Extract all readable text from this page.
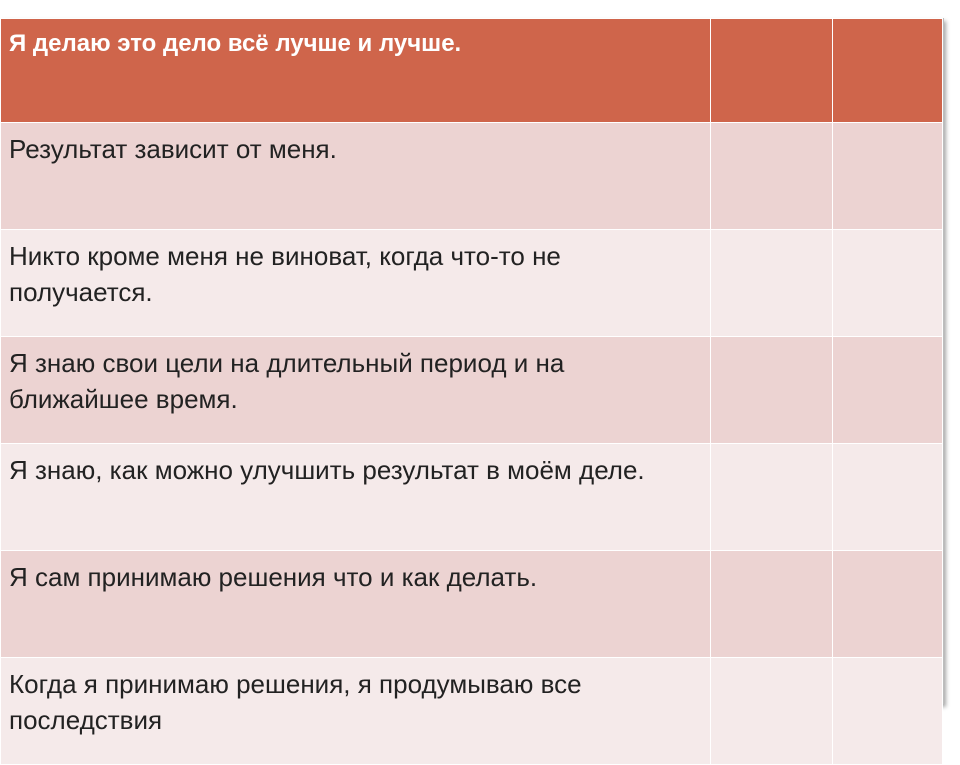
Я делаю это дело всё лучше и лучше.		
Результат зависит от меня.		
Никто кроме меня не виноват, когда что-то не получается.		
Я знаю свои цели на длительный период и на ближайшее время.		
Я знаю, как можно улучшить результат в моём деле.		
Я сам принимаю решения что и как делать.		
Когда я принимаю решения, я продумываю все последствия		
